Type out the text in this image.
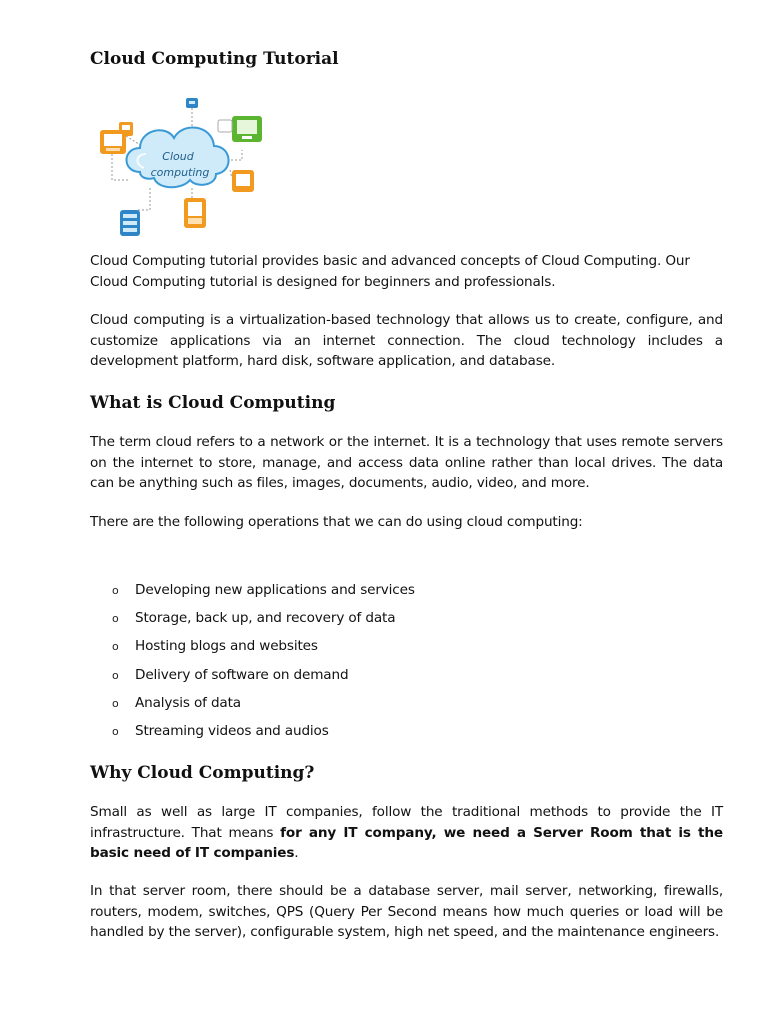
Cloud Computing Tutorial

Cloud Computing tutorial provides basic and advanced concepts of Cloud Computing. Our Cloud Computing tutorial is designed for beginners and professionals.

Cloud computing is a virtualization-based technology that allows us to create, configure, and customize applications via an internet connection. The cloud technology includes a development platform, hard disk, software application, and database.

What is Cloud Computing

The term cloud refers to a network or the internet. It is a technology that uses remote servers on the internet to store, manage, and access data online rather than local drives. The data can be anything such as files, images, documents, audio, video, and more.

There are the following operations that we can do using cloud computing:

o Developing new applications and services
o Storage, back up, and recovery of data
o Hosting blogs and websites
o Delivery of software on demand
o Analysis of data
o Streaming videos and audios
Why Cloud Computing?

Small as well as large IT companies, follow the traditional methods to provide the IT infrastructure. That means for any IT company, we need a Server Room that is the basic need of IT companies.

In that server room, there should be a database server, mail server, networking, firewalls, routers, modem, switches, QPS (Query Per Second means how much queries or load will be handled by the server), configurable system, high net speed, and the maintenance engineers.

Cloud
computing
